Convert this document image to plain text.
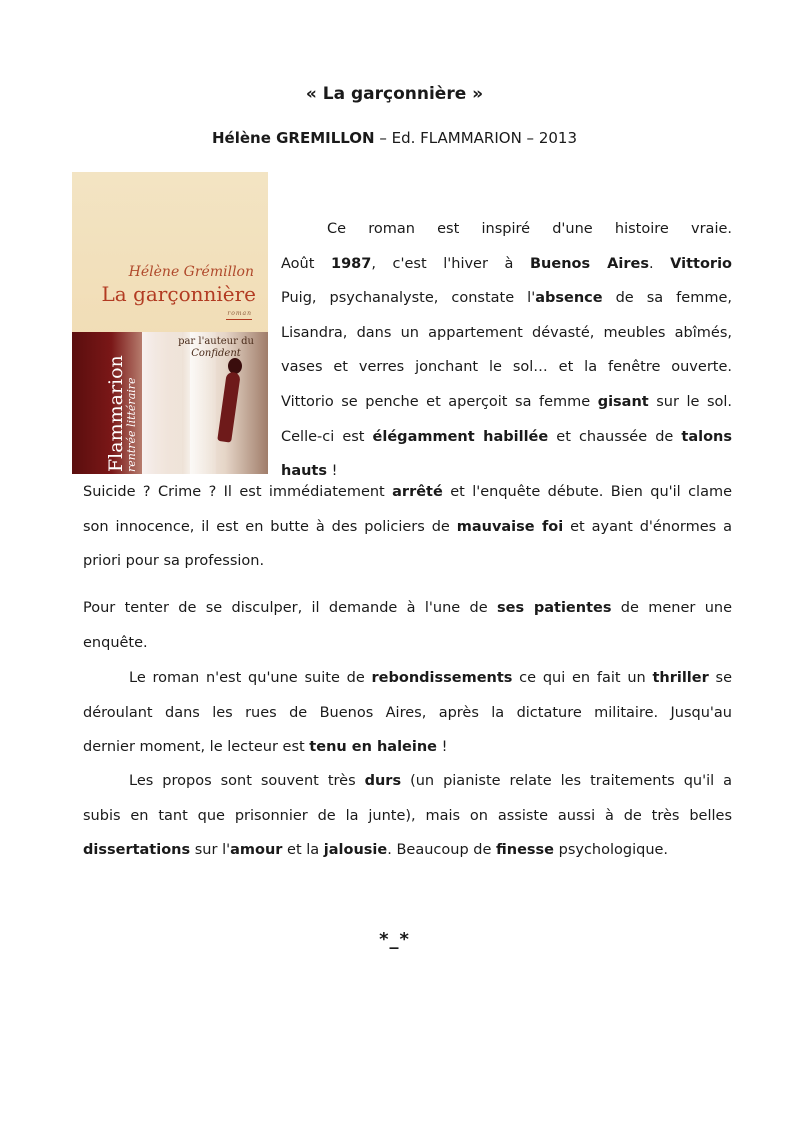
« La garçonnière »
Hélène GREMILLON – Ed. FLAMMARION – 2013
Hélène Grémillon
La garçonnière
roman
par l'auteur du
Confident
Flammarion
rentrée littéraire

Ce roman est inspiré d'une histoire vraie.
Août 1987, c'est l'hiver à Buenos Aires. Vittorio
Puig, psychanalyste, constate l'absence de sa femme,
Lisandra, dans un appartement dévasté, meubles abîmés,
vases et verres jonchant le sol… et la fenêtre ouverte.
Vittorio se penche et aperçoit sa femme gisant sur le sol.
Celle-ci est élégamment habillée et chaussée de talons
hauts !

Suicide ? Crime ? Il est immédiatement arrêté et l'enquête débute. Bien qu'il clame
son innocence, il est en butte à des policiers de mauvaise foi et ayant d'énormes a
priori pour sa profession.

Pour tenter de se disculper, il demande à l'une de ses patientes de mener une
enquête.

Le roman n'est qu'une suite de rebondissements ce qui en fait un thriller se
déroulant dans les rues de Buenos Aires, après la dictature militaire. Jusqu'au
dernier moment, le lecteur est tenu en haleine !

Les propos sont souvent très durs (un pianiste relate les traitements qu'il a
subis en tant que prisonnier de la junte), mais on assiste aussi à de très belles
dissertations sur l'amour et la jalousie. Beaucoup de finesse psychologique.

*_*
